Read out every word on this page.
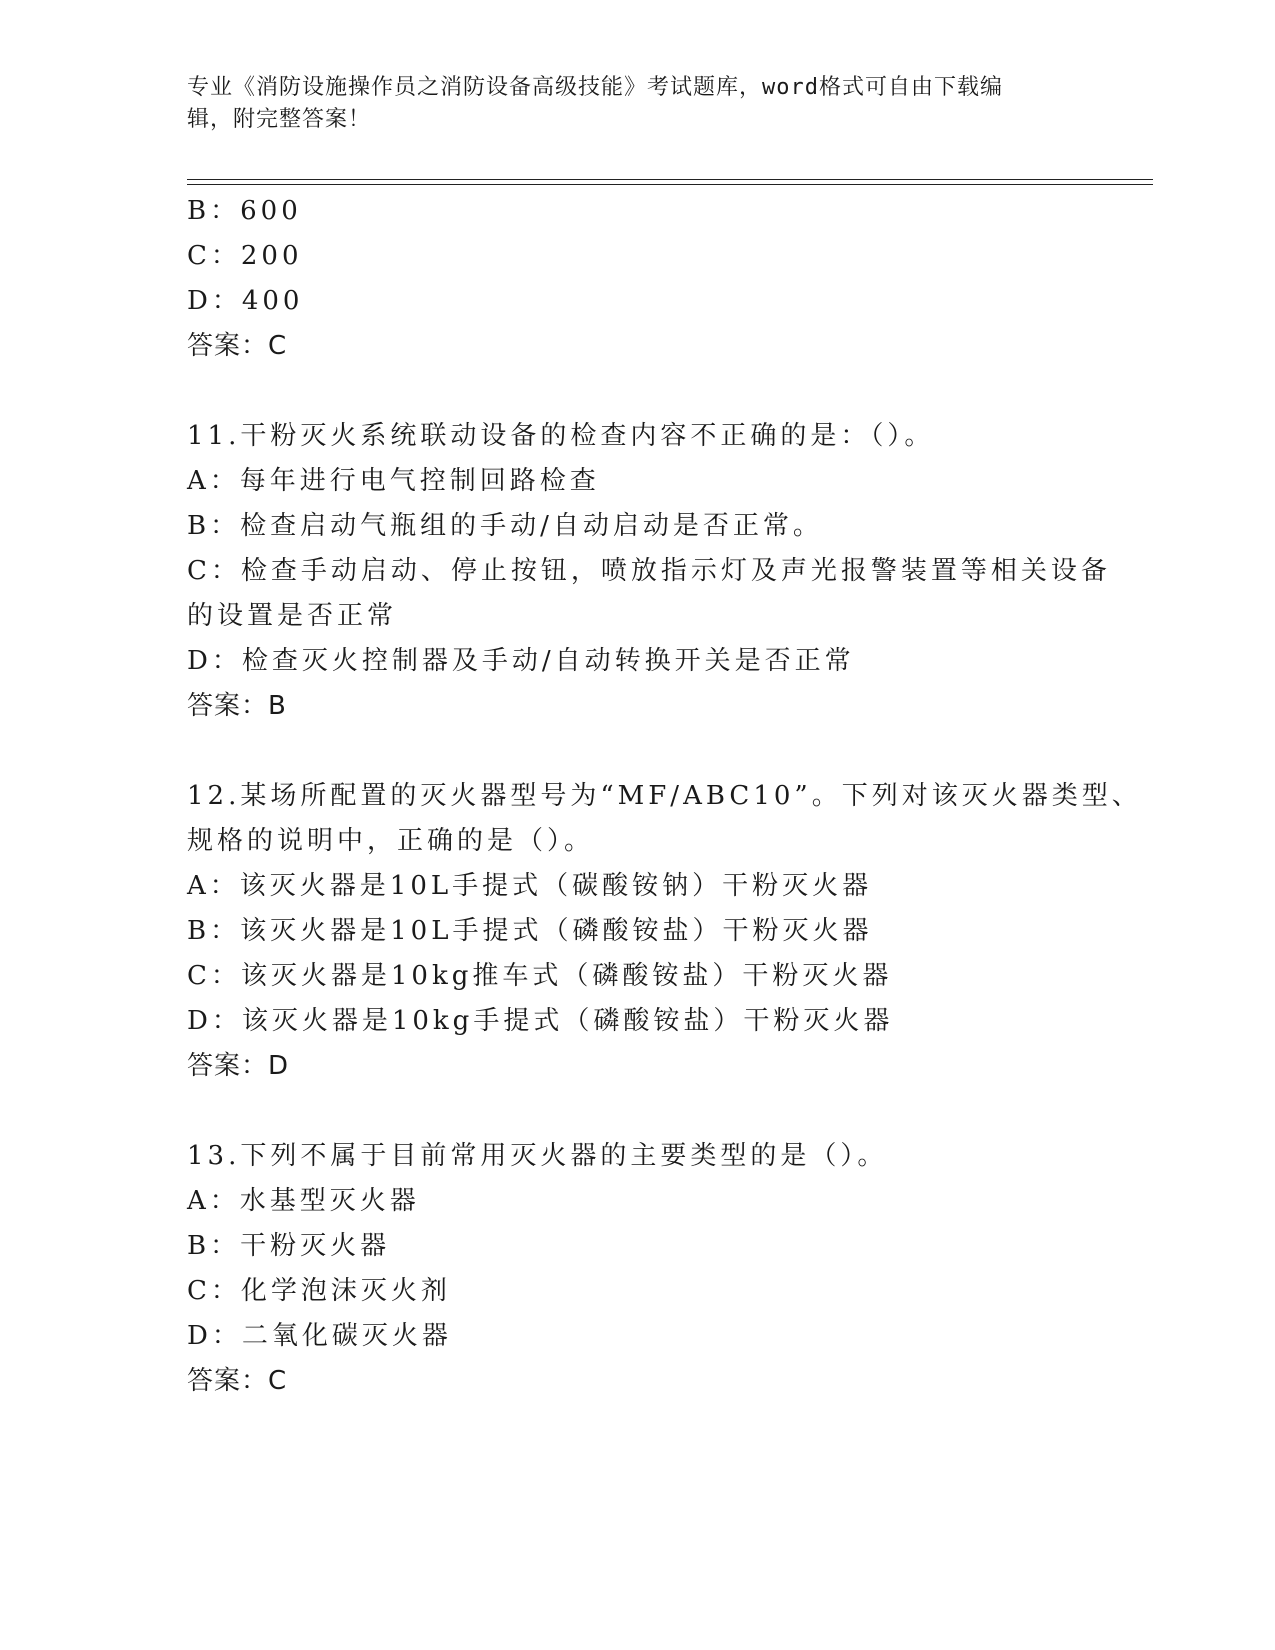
专业《消防设施操作员之消防设备高级技能》考试题库，word格式可自由下载编
辑，附完整答案！
B：600
C：200
D：400
答案：C
11.干粉灭火系统联动设备的检查内容不正确的是：（）。
A：每年进行电气控制回路检查
B：检查启动气瓶组的手动/自动启动是否正常。
C：检查手动启动、停止按钮，喷放指示灯及声光报警装置等相关设备
的设置是否正常
D：检查灭火控制器及手动/自动转换开关是否正常
答案：B
12.某场所配置的灭火器型号为“MF/ABC10”。下列对该灭火器类型、
规格的说明中，正确的是（）。
A：该灭火器是10L手提式（碳酸铵钠）干粉灭火器
B：该灭火器是10L手提式（磷酸铵盐）干粉灭火器
C：该灭火器是10kg推车式（磷酸铵盐）干粉灭火器
D：该灭火器是10kg手提式（磷酸铵盐）干粉灭火器
答案：D
13.下列不属于目前常用灭火器的主要类型的是（）。
A：水基型灭火器
B：干粉灭火器
C：化学泡沫灭火剂
D：二氧化碳灭火器
答案：C
